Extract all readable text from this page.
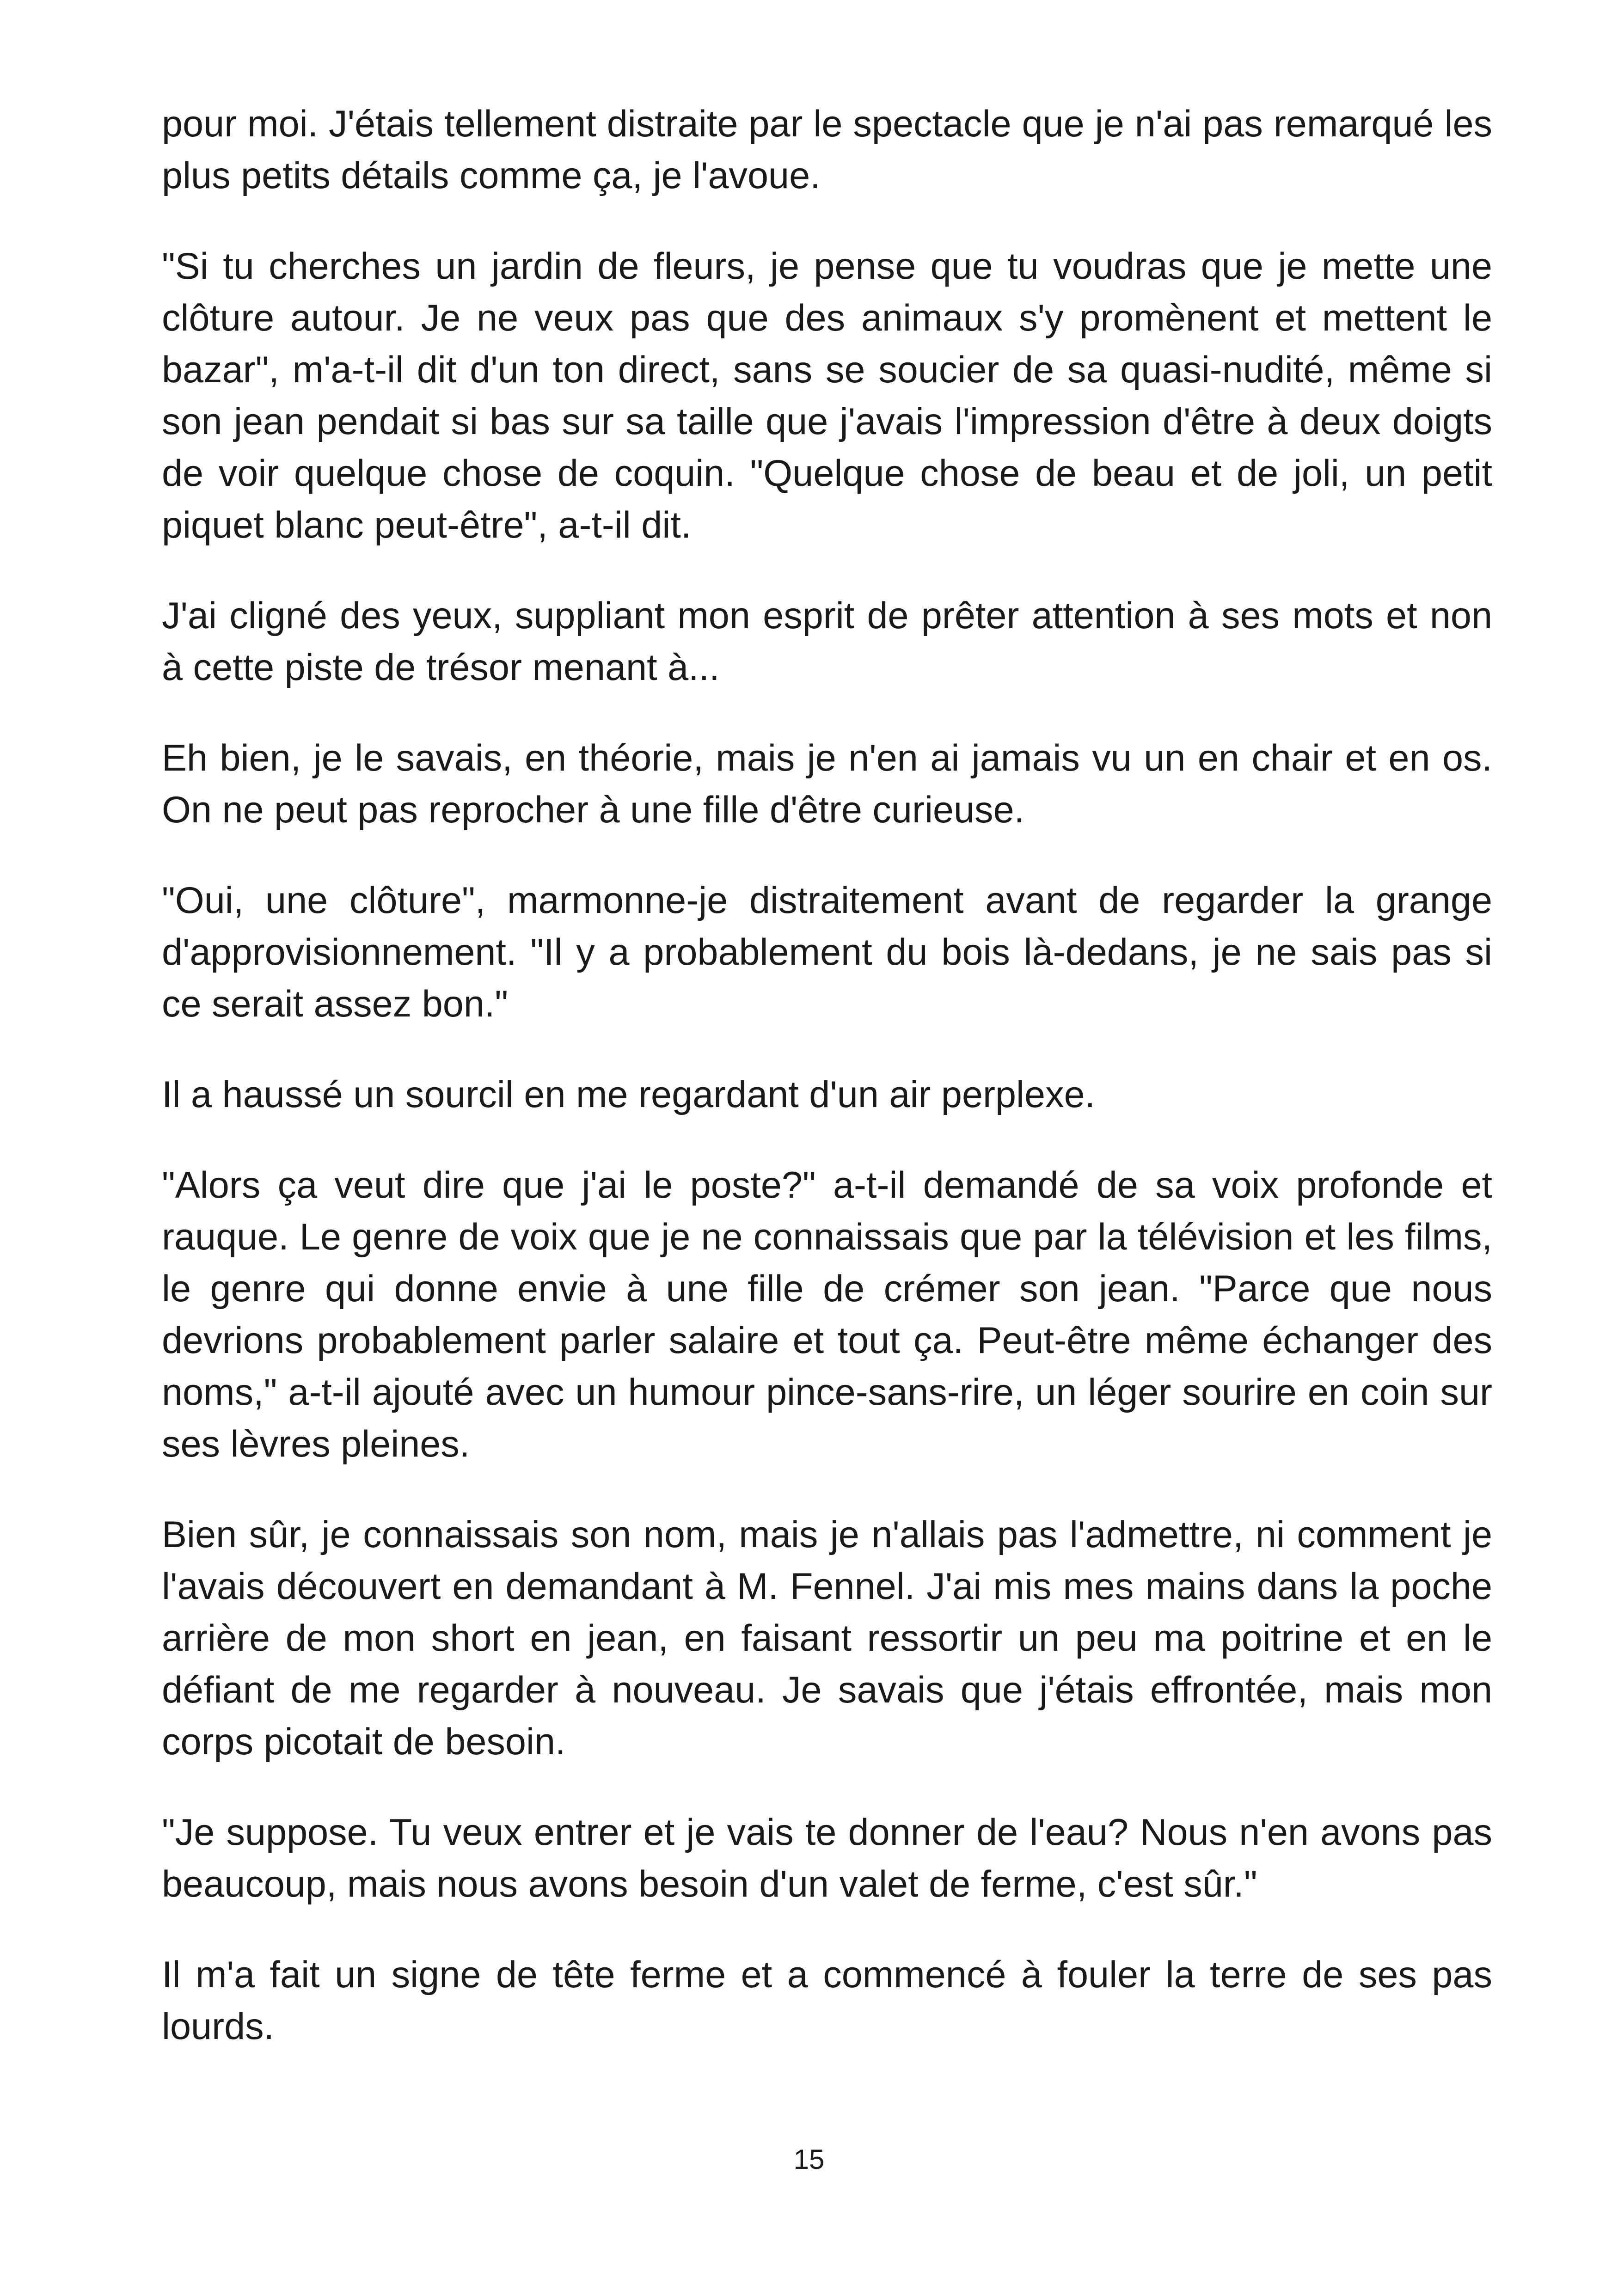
pour moi. J'étais tellement distraite par le spectacle que je n'ai pas remarqué les plus petits détails comme ça, je l'avoue.

"Si tu cherches un jardin de fleurs, je pense que tu voudras que je mette une clôture autour. Je ne veux pas que des animaux s'y promènent et mettent le bazar", m'a-t-il dit d'un ton direct, sans se soucier de sa quasi-nudité, même si son jean pendait si bas sur sa taille que j'avais l'impression d'être à deux doigts de voir quelque chose de coquin. "Quelque chose de beau et de joli, un petit piquet blanc peut-être", a-t-il dit.

J'ai cligné des yeux, suppliant mon esprit de prêter attention à ses mots et non à cette piste de trésor menant à...

Eh bien, je le savais, en théorie, mais je n'en ai jamais vu un en chair et en os. On ne peut pas reprocher à une fille d'être curieuse.

"Oui, une clôture", marmonne-je distraitement avant de regarder la grange d'approvisionnement. "Il y a probablement du bois là-dedans, je ne sais pas si ce serait assez bon."

Il a haussé un sourcil en me regardant d'un air perplexe.

"Alors ça veut dire que j'ai le poste?" a-t-il demandé de sa voix profonde et rauque. Le genre de voix que je ne connaissais que par la télévision et les films, le genre qui donne envie à une fille de crémer son jean. "Parce que nous devrions probablement parler salaire et tout ça. Peut-être même échanger des noms," a-t-il ajouté avec un humour pince-sans-rire, un léger sourire en coin sur ses lèvres pleines.

Bien sûr, je connaissais son nom, mais je n'allais pas l'admettre, ni comment je l'avais découvert en demandant à M. Fennel. J'ai mis mes mains dans la poche arrière de mon short en jean, en faisant ressortir un peu ma poitrine et en le défiant de me regarder à nouveau. Je savais que j'étais effrontée, mais mon corps picotait de besoin.

"Je suppose. Tu veux entrer et je vais te donner de l'eau? Nous n'en avons pas beaucoup, mais nous avons besoin d'un valet de ferme, c'est sûr."

Il m'a fait un signe de tête ferme et a commencé à fouler la terre de ses pas lourds.

15
